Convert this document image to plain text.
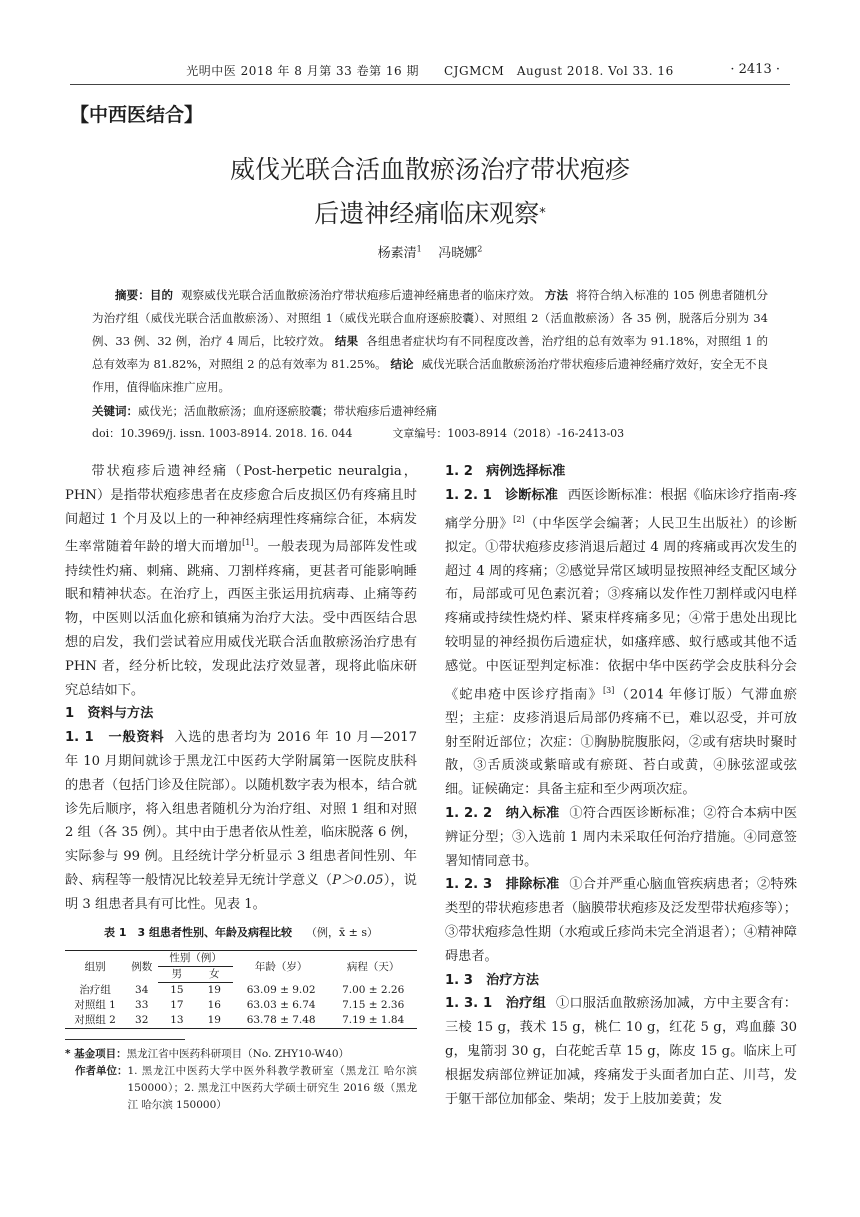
光明中医 2018 年 8 月第 33 卷第 16 期　　CJGMCM　August 2018. Vol 33. 16	· 2413 ·
【中西医结合】
威伐光联合活血散瘀汤治疗带状疱疹
后遗神经痛临床观察*
杨素清$^1$ 冯晓娜$^2$
摘要：目的 观察威伐光联合活血散瘀汤治疗带状疱疹后遗神经痛患者的临床疗效。 方法 将符合纳入标准的 105 例患者随机分为治疗组（威伐光联合活血散瘀汤）、对照组 1（威伐光联合血府逐瘀胶囊）、对照组 2（活血散瘀汤）各 35 例，脱落后分别为 34 例、33 例、32 例，治疗 4 周后，比较疗效。 结果 各组患者症状均有不同程度改善，治疗组的总有效率为 91.18%，对照组 1 的总有效率为 81.82%，对照组 2 的总有效率为 81.25%。 结论 威伐光联合活血散瘀汤治疗带状疱疹后遗神经痛疗效好，安全无不良作用，值得临床推广应用。
关键词：威伐光；活血散瘀汤；血府逐瘀胶囊；带状疱疹后遗神经痛
doi：10.3969/j. issn. 1003-8914. 2018. 16. 044	文章编号：1003-8914（2018）-16-2413-03

带状疱疹后遗神经痛（Post-herpetic neuralgia，PHN）是指带状疱疹患者在皮疹愈合后皮损区仍有疼痛且时间超过 1 个月及以上的一种神经病理性疼痛综合征，本病发生率常随着年龄的增大而增加[1]。一般表现为局部阵发性或持续性灼痛、刺痛、跳痛、刀割样疼痛，更甚者可能影响睡眠和精神状态。在治疗上，西医主张运用抗病毒、止痛等药物，中医则以活血化瘀和镇痛为治疗大法。受中西医结合思想的启发，我们尝试着应用威伐光联合活血散瘀汤治疗患有 PHN 者，经分析比较，发现此法疗效显著，现将此临床研究总结如下。

1　资料与方法

1. 1　一般资料 入选的患者均为 2016 年 10 月—2017 年 10 月期间就诊于黑龙江中医药大学附属第一医院皮肤科的患者（包括门诊及住院部）。以随机数字表为根本，结合就诊先后顺序，将入组患者随机分为治疗组、对照 1 组和对照 2 组（各 35 例）。其中由于患者依从性差，临床脱落 6 例，实际参与 99 例。且经统计学分析显示 3 组患者间性别、年龄、病程等一般情况比较差异无统计学意义（P＞0.05），说明 3 组患者具有可比性。见表 1。

表 1　3 组患者性别、年龄及病程比较 （例，x̄ ± s）
组别	例数	性别（例）		年龄（岁）	病程（天）
		男	女		
治疗组	34	15	19	63.09 ± 9.02	7.00 ± 2.26
对照组 1	33	17	16	63.03 ± 6.74	7.15 ± 2.36
对照组 2	32	13	19	63.78 ± 7.48	7.19 ± 1.84
* 基金项目： 黑龙江省中医药科研项目（No. ZHY10-W40）
作者单位： 1. 黑龙江中医药大学中医外科教学教研室（黑龙江 哈尔滨 150000）；2. 黑龙江中医药大学硕士研究生 2016 级（黑龙江 哈尔滨 150000）

1. 2　病例选择标准

1. 2. 1　诊断标准 西医诊断标准：根据《临床诊疗指南-疼痛学分册》[2]（中华医学会编著；人民卫生出版社）的诊断拟定。①带状疱疹皮疹消退后超过 4 周的疼痛或再次发生的超过 4 周的疼痛；②感觉异常区域明显按照神经支配区域分布，局部或可见色素沉着；③疼痛以发作性刀割样或闪电样疼痛或持续性烧灼样、紧束样疼痛多见；④常于患处出现比较明显的神经损伤后遗症状，如瘙痒感、蚁行感或其他不适感觉。中医证型判定标准：依据中华中医药学会皮肤科分会《蛇串疮中医诊疗指南》[3]（2014 年修订版）气滞血瘀型；主症：皮疹消退后局部仍疼痛不已，难以忍受，并可放射至附近部位；次症：①胸胁脘腹胀闷，②或有痞块时聚时散，③舌质淡或紫暗或有瘀斑、苔白或黄，④脉弦涩或弦细。证候确定：具备主症和至少两项次症。

1. 2. 2　纳入标准 ①符合西医诊断标准；②符合本病中医辨证分型；③入选前 1 周内未采取任何治疗措施。④同意签署知情同意书。

1. 2. 3　排除标准 ①合并严重心脑血管疾病患者；②特殊类型的带状疱疹患者（脑膜带状疱疹及泛发型带状疱疹等）；③带状疱疹急性期（水疱或丘疹尚未完全消退者）；④精神障碍患者。

1. 3　治疗方法

1. 3. 1　治疗组 ①口服活血散瘀汤加减，方中主要含有：三棱 15 g，莪术 15 g，桃仁 10 g，红花 5 g，鸡血藤 30 g，鬼箭羽 30 g，白花蛇舌草 15 g，陈皮 15 g。临床上可根据发病部位辨证加减，疼痛发于头面者加白芷、川芎，发于躯干部位加郁金、柴胡；发于上肢加姜黄；发
